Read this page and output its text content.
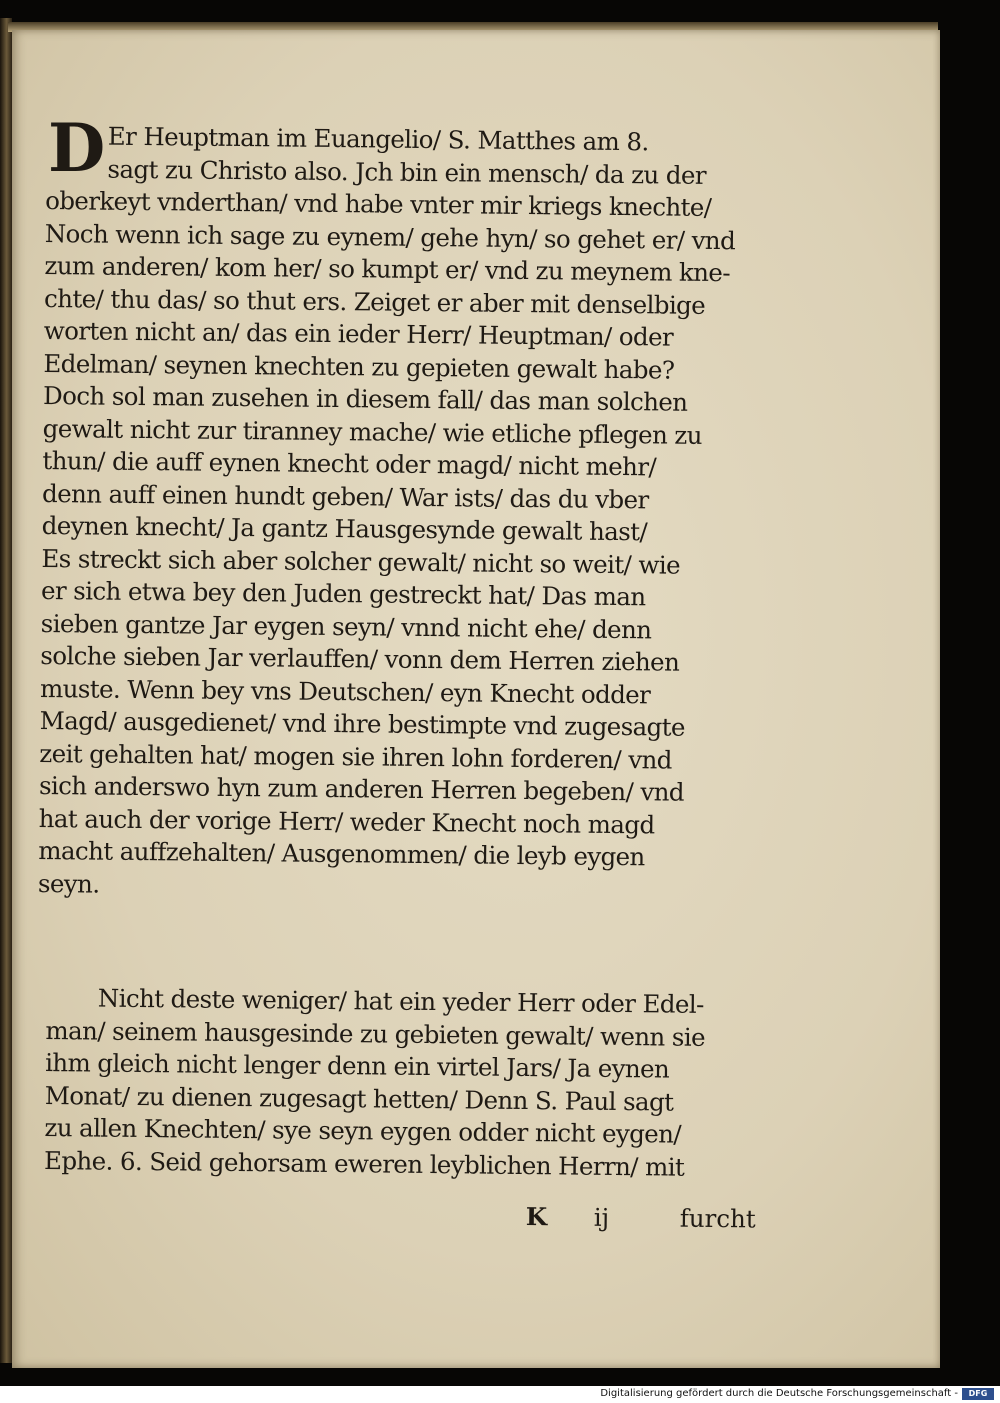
D Er Heuptman im Euangelio/ S. Matthes am 8.
sagt zu Christo also. Jch bin ein mensch/ da zu der
oberkeyt vnderthan/ vnd habe vnter mir kriegs knechte/
Noch wenn ich sage zu eynem/ gehe hyn/ so gehet er/ vnd
zum anderen/ kom her/ so kumpt er/ vnd zu meynem kne-
chte/ thu das/ so thut ers. Zeiget er aber mit denselbige
worten nicht an/ das ein ieder Herr/ Heuptman/ oder
Edelman/ seynen knechten zu gepieten gewalt habe?
Doch sol man zusehen in diesem fall/ das man solchen
gewalt nicht zur tiranney mache/ wie etliche pflegen zu
thun/ die auff eynen knecht oder magd/ nicht mehr/
denn auff einen hundt geben/ War ists/ das du vber
deynen knecht/ Ja gantz Hausgesynde gewalt hast/
Es streckt sich aber solcher gewalt/ nicht so weit/ wie
er sich etwa bey den Juden gestreckt hat/ Das man
sieben gantze Jar eygen seyn/ vnnd nicht ehe/ denn
solche sieben Jar verlauffen/ vonn dem Herren ziehen
muste. Wenn bey vns Deutschen/ eyn Knecht odder
Magd/ ausgedienet/ vnd ihre bestimpte vnd zugesagte
zeit gehalten hat/ mogen sie ihren lohn forderen/ vnd
sich anderswo hyn zum anderen Herren begeben/ vnd
hat auch der vorige Herr/ weder Knecht noch magd
macht auffzehalten/ Ausgenommen/ die leyb eygen
seyn.
Nicht deste weniger/ hat ein yeder Herr oder Edel-
man/ seinem hausgesinde zu gebieten gewalt/ wenn sie
ihm gleich nicht lenger denn ein virtel Jars/ Ja eynen
Monat/ zu dienen zugesagt hetten/ Denn S. Paul sagt
zu allen Knechten/ sye seyn eygen odder nicht eygen/
Ephe. 6. Seid gehorsam eweren leyblichen Herrn/ mit
K ij	furcht
Digitalisierung gefördert durch die Deutsche Forschungsgemeinschaft -	DFG
